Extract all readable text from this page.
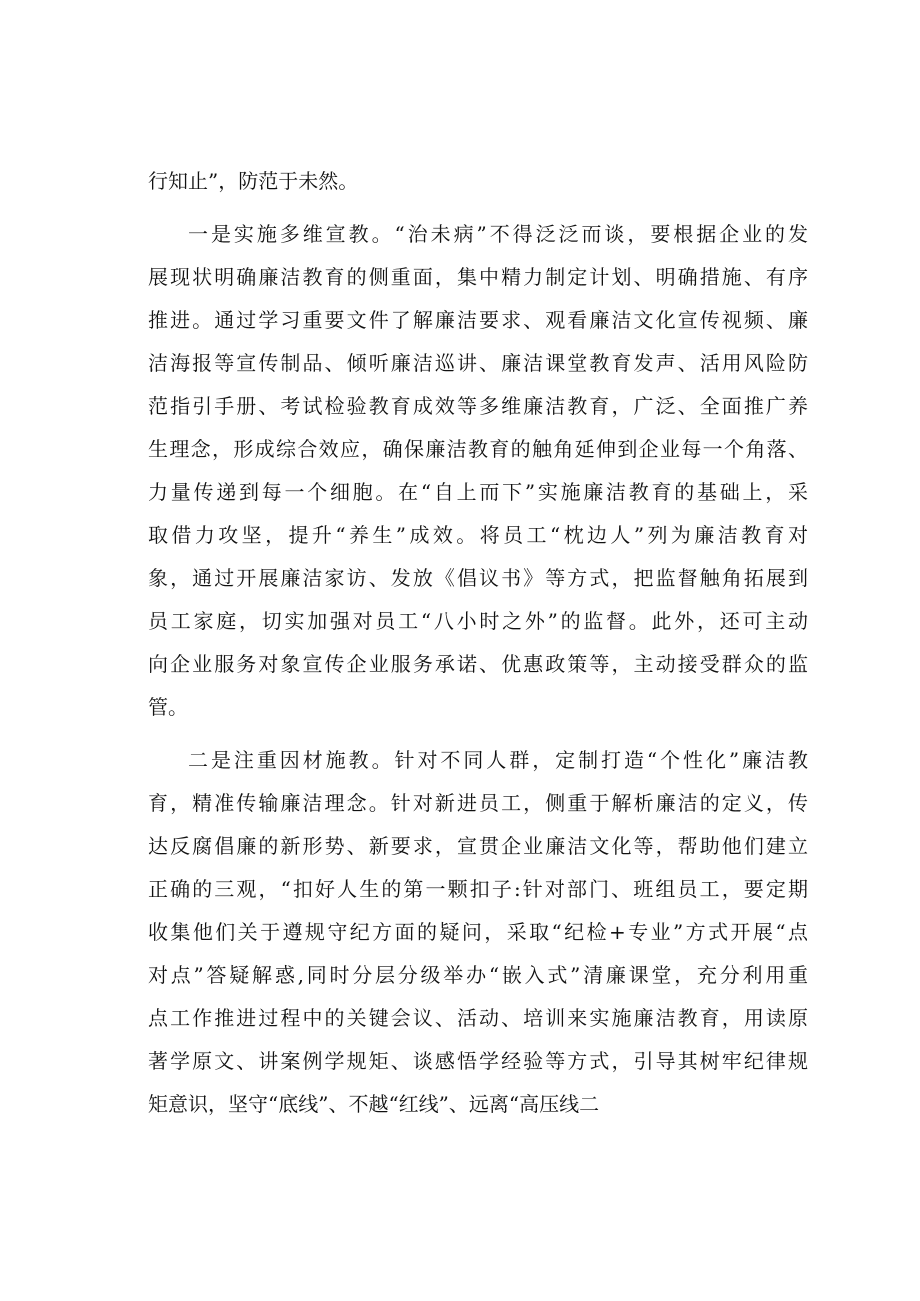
行知止”，防范于未然。
一是实施多维宣教。“治未病”不得泛泛而谈，要根据企业的发
展现状明确廉洁教育的侧重面，集中精力制定计划、明确措施、有序
推进。通过学习重要文件了解廉洁要求、观看廉洁文化宣传视频、廉
洁海报等宣传制品、倾听廉洁巡讲、廉洁课堂教育发声、活用风险防
范指引手册、考试检验教育成效等多维廉洁教育，广泛、全面推广养
生理念，形成综合效应，确保廉洁教育的触角延伸到企业每一个角落、
力量传递到每一个细胞。在“自上而下”实施廉洁教育的基础上，采
取借力攻坚，提升“养生”成效。将员工“枕边人”列为廉洁教育对
象，通过开展廉洁家访、发放《倡议书》等方式，把监督触角拓展到
员工家庭，切实加强对员工“八小时之外”的监督。此外，还可主动
向企业服务对象宣传企业服务承诺、优惠政策等，主动接受群众的监
管。
二是注重因材施教。针对不同人群，定制打造“个性化”廉洁教
育，精准传输廉洁理念。针对新进员工，侧重于解析廉洁的定义，传
达反腐倡廉的新形势、新要求，宣贯企业廉洁文化等，帮助他们建立
正确的三观，“扣好人生的第一颗扣子:针对部门、班组员工，要定期
收集他们关于遵规守纪方面的疑问，采取“纪检+专业”方式开展“点
对点”答疑解惑,同时分层分级举办“嵌入式”清廉课堂，充分利用重
点工作推进过程中的关键会议、活动、培训来实施廉洁教育，用读原
著学原文、讲案例学规矩、谈感悟学经验等方式，引导其树牢纪律规
矩意识，坚守“底线”、不越“红线”、远离“高压线二
